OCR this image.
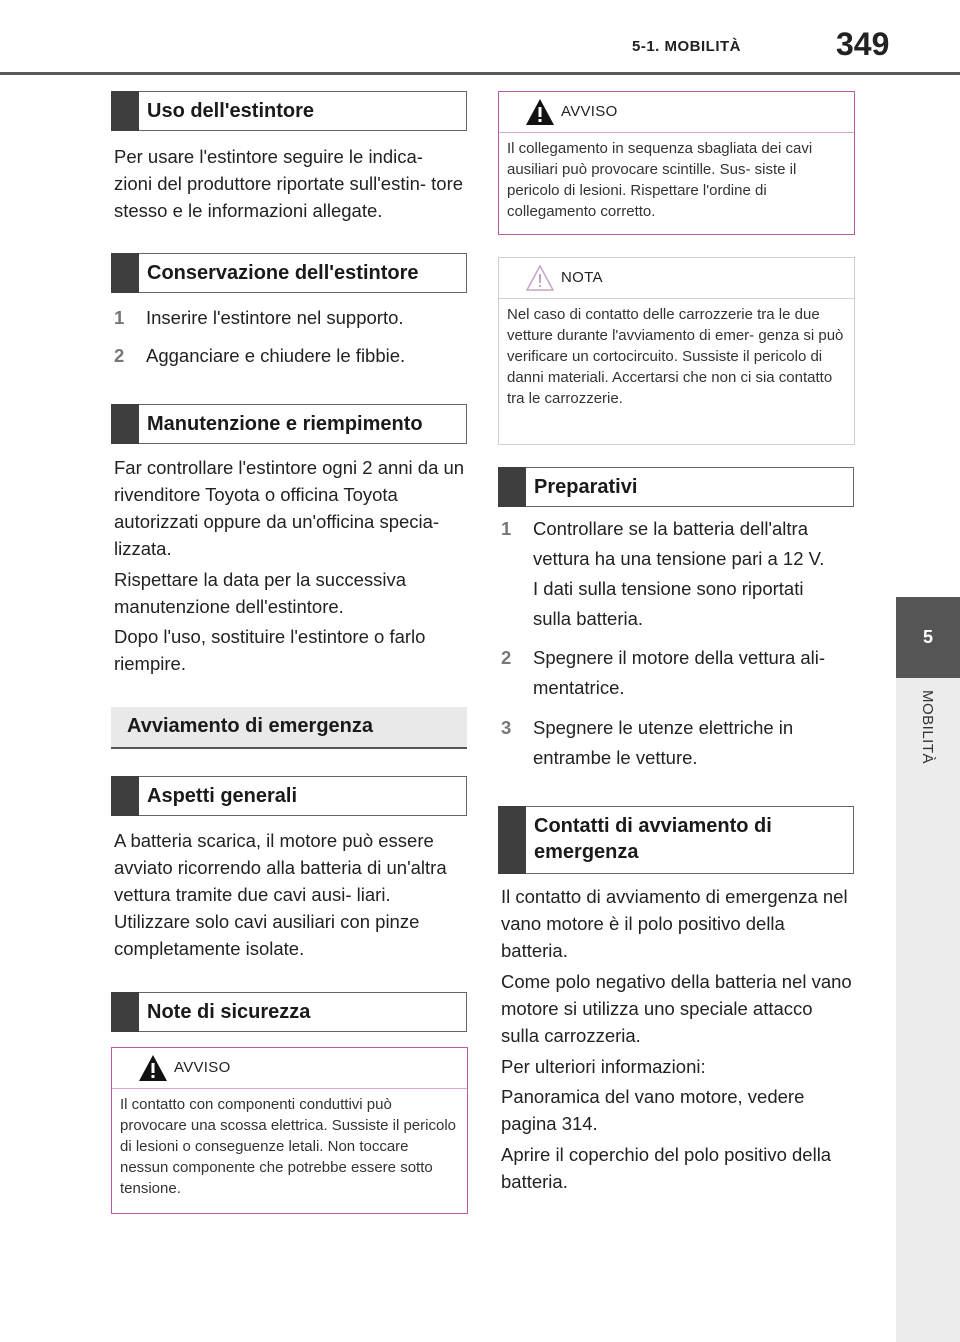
5-1. MOBILITÀ	349
5
MOBILITÀ
Uso dell'estintore
Per usare l'estintore seguire le indica- zioni del produttore riportate sull'estin- tore stesso e le informazioni allegate.
Conservazione dell'estintore
1 Inserire l'estintore nel supporto.
2 Agganciare e chiudere le fibbie.
Manutenzione e riempimento
Far controllare l'estintore ogni 2 anni da un rivenditore Toyota o officina Toyota autorizzati oppure da un'officina specia- lizzata.
Rispettare la data per la successiva manutenzione dell'estintore.
Dopo l'uso, sostituire l'estintore o farlo riempire.
Avviamento di emergenza
Aspetti generali
A batteria scarica, il motore può essere avviato ricorrendo alla batteria di un'altra vettura tramite due cavi ausi- liari. Utilizzare solo cavi ausiliari con pinze completamente isolate.
Note di sicurezza
AVVISO
Il contatto con componenti conduttivi può provocare una scossa elettrica. Sussiste il pericolo di lesioni o conseguenze letali. Non toccare nessun componente che potrebbe essere sotto tensione.
AVVISO
Il collegamento in sequenza sbagliata dei cavi ausiliari può provocare scintille. Sus- siste il pericolo di lesioni. Rispettare l'ordine di collegamento corretto.
NOTA
Nel caso di contatto delle carrozzerie tra le due vetture durante l'avviamento di emer- genza si può verificare un cortocircuito. Sussiste il pericolo di danni materiali. Accertarsi che non ci sia contatto tra le carrozzerie.
Preparativi
1 Controllare se la batteria dell'altra
vettura ha una tensione pari a 12 V.
I dati sulla tensione sono riportati
sulla batteria.
2 Spegnere il motore della vettura ali-
mentatrice.
3 Spegnere le utenze elettriche in
entrambe le vetture.
Contatti di avviamento di emergenza
Il contatto di avviamento di emergenza nel vano motore è il polo positivo della batteria.
Come polo negativo della batteria nel vano motore si utilizza uno speciale attacco sulla carrozzeria.
Per ulteriori informazioni:
Panoramica del vano motore, vedere pagina 314.
Aprire il coperchio del polo positivo della batteria.
